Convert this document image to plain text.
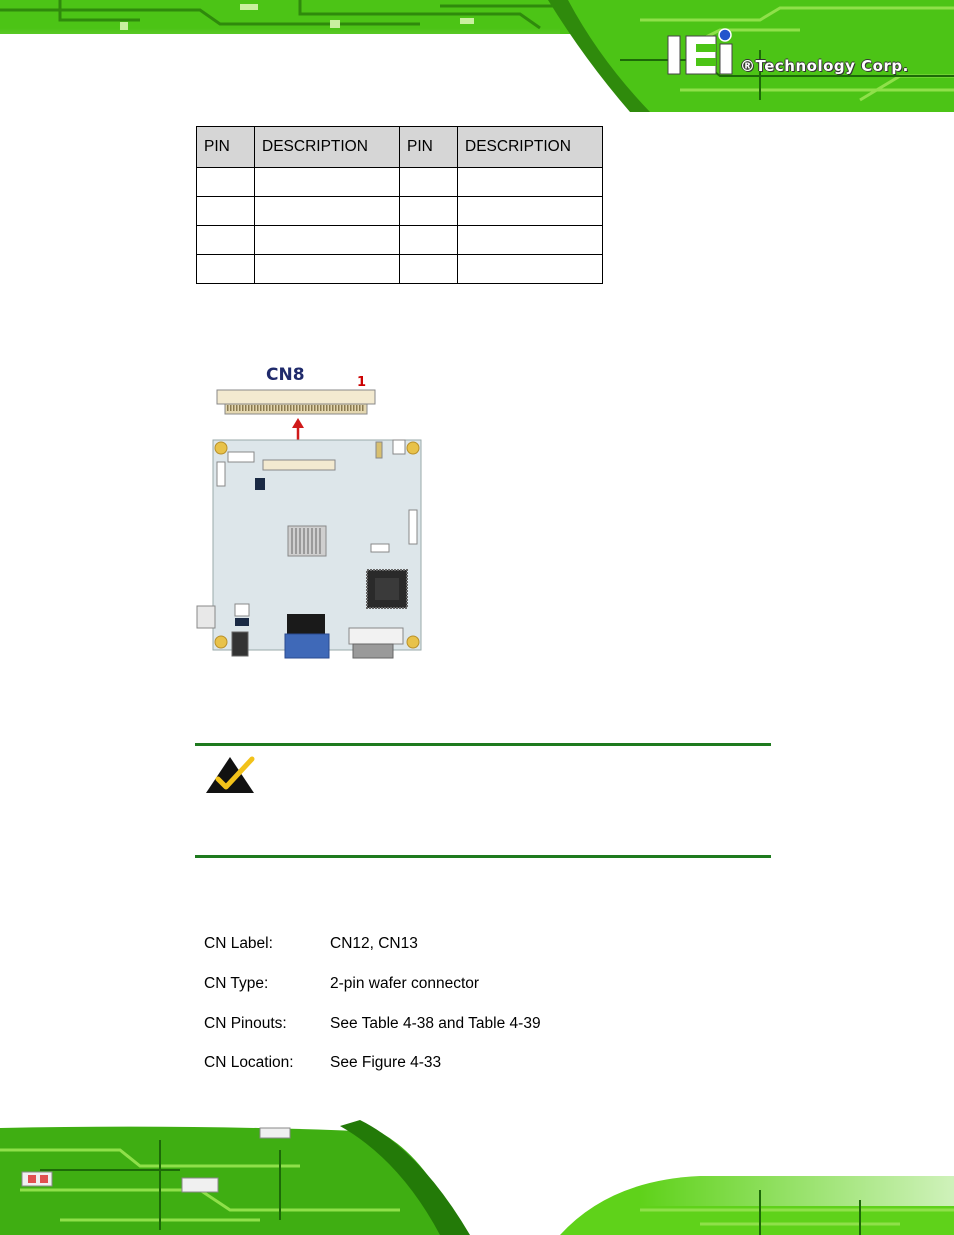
®Technology Corp.
PIN	DESCRIPTION	PIN	DESCRIPTION

CN8	1
CN Label:	CN12, CN13
CN Type:	2-pin wafer connector
CN Pinouts:	See Table 4-38 and Table 4-39
CN Location: See Figure 4-33
